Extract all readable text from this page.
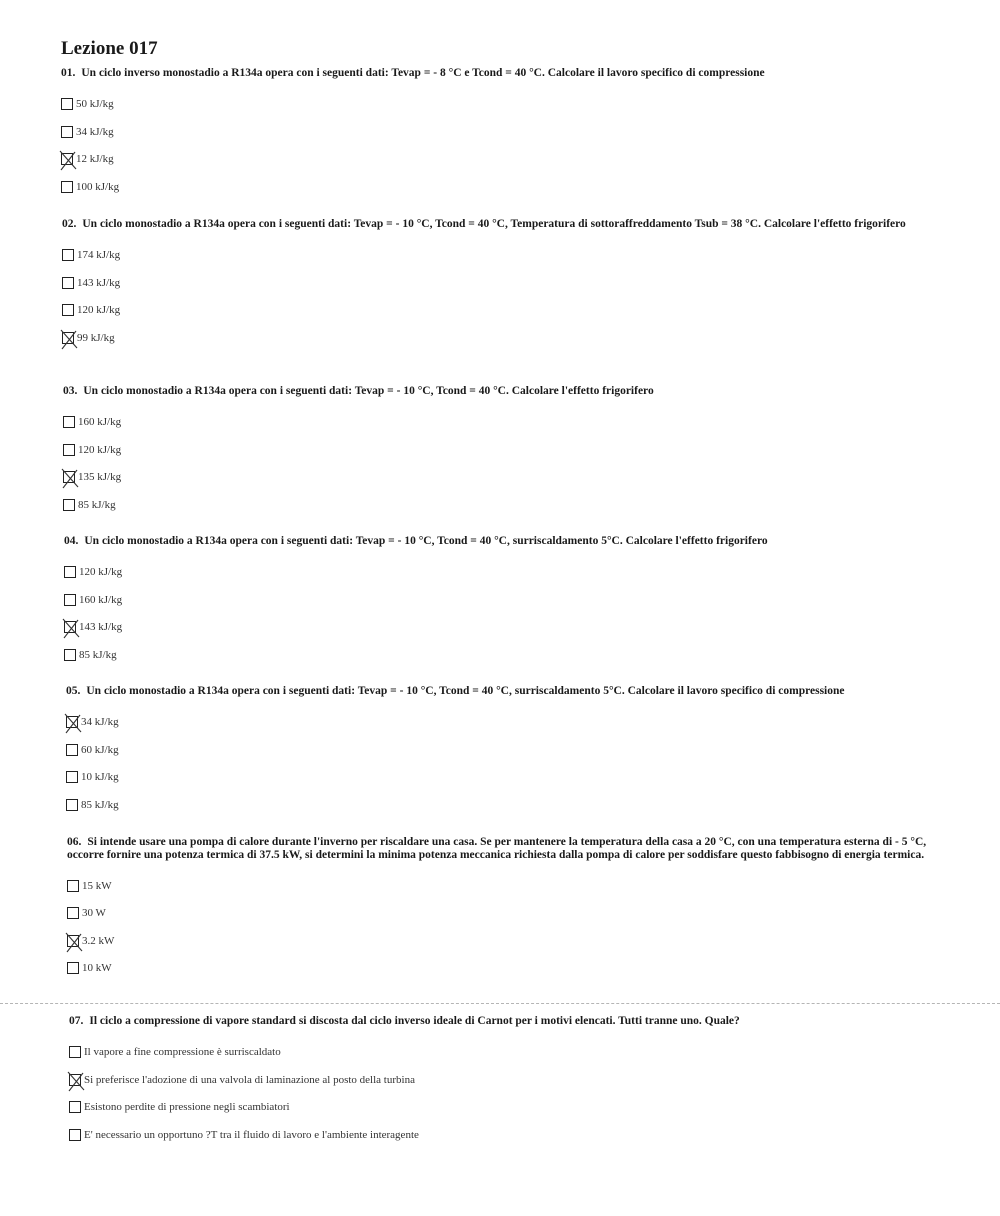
Lezione 017

01. Un ciclo inverso monostadio a R134a opera con i seguenti dati: Tevap = - 8 °C e Tcond = 40 °C. Calcolare il lavoro specifico di compressione

50 kJ/kg
34 kJ/kg
12 kJ/kg
100 kJ/kg

02. Un ciclo monostadio a R134a opera con i seguenti dati: Tevap = - 10 °C, Tcond = 40 °C, Temperatura di sottoraffreddamento Tsub = 38 °C. Calcolare l'effetto frigorifero

174 kJ/kg
143 kJ/kg
120 kJ/kg
99 kJ/kg

03. Un ciclo monostadio a R134a opera con i seguenti dati: Tevap = - 10 °C, Tcond = 40 °C. Calcolare l'effetto frigorifero

160 kJ/kg
120 kJ/kg
135 kJ/kg
85 kJ/kg

04. Un ciclo monostadio a R134a opera con i seguenti dati: Tevap = - 10 °C, Tcond = 40 °C, surriscaldamento 5°C. Calcolare l'effetto frigorifero

120 kJ/kg
160 kJ/kg
143 kJ/kg
85 kJ/kg

05. Un ciclo monostadio a R134a opera con i seguenti dati: Tevap = - 10 °C, Tcond = 40 °C, surriscaldamento 5°C. Calcolare il lavoro specifico di compressione

34 kJ/kg
60 kJ/kg
10 kJ/kg
85 kJ/kg

06. Si intende usare una pompa di calore durante l'inverno per riscaldare una casa. Se per mantenere la temperatura della casa a 20 °C, con una temperatura esterna di - 5 °C, occorre fornire una potenza termica di 37.5 kW, si determini la minima potenza meccanica richiesta dalla pompa di calore per soddisfare questo fabbisogno di energia termica.

15 kW
30 W
3.2 kW
10 kW

07. Il ciclo a compressione di vapore standard si discosta dal ciclo inverso ideale di Carnot per i motivi elencati. Tutti tranne uno. Quale?

Il vapore a fine compressione è surriscaldato
Si preferisce l'adozione di una valvola di laminazione al posto della turbina
Esistono perdite di pressione negli scambiatori
E' necessario un opportuno ?T tra il fluido di lavoro e l'ambiente interagente
